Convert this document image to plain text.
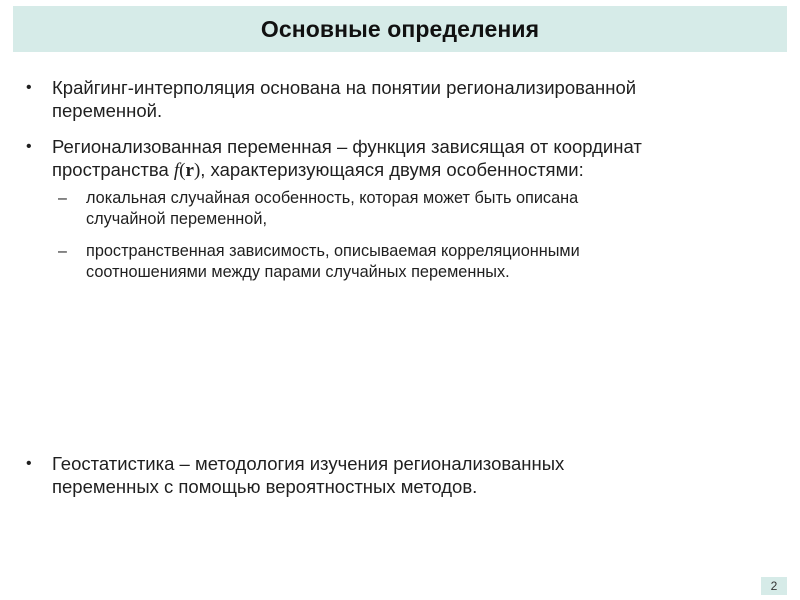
Основные определения
• Крайгинг-интерполяция основана на понятии регионализированной
переменной.
• Регионализованная переменная – функция зависящая от координат
пространства f(r), характеризующаяся двумя особенностями:
– локальная случайная особенность, которая может быть описана
случайной переменной,
– пространственная зависимость, описываемая корреляционными
соотношениями между парами случайных переменных.
• Геостатистика – методология изучения регионализованных
переменных с помощью вероятностных методов.
2
